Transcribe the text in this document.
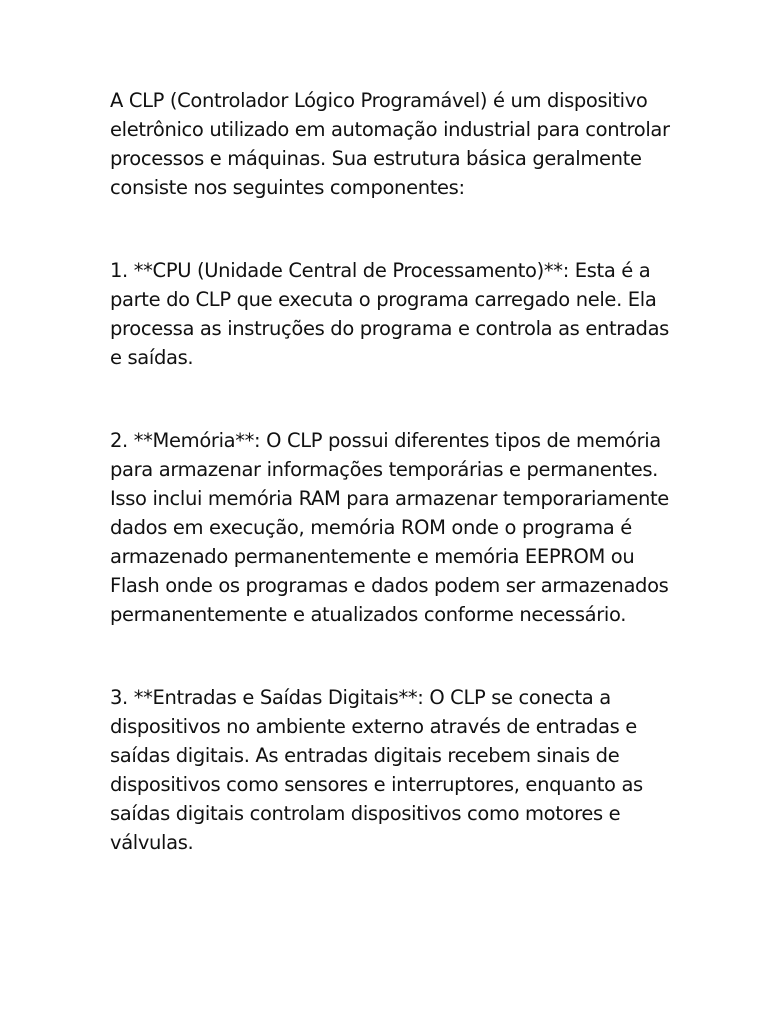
A CLP (Controlador Lógico Programável) é um dispositivo eletrônico utilizado em automação industrial para controlar processos e máquinas. Sua estrutura básica geralmente consiste nos seguintes componentes:

1. **CPU (Unidade Central de Processamento)**: Esta é a parte do CLP que executa o programa carregado nele. Ela processa as instruções do programa e controla as entradas e saídas.

2. **Memória**: O CLP possui diferentes tipos de memória para armazenar informações temporárias e permanentes. Isso inclui memória RAM para armazenar temporariamente dados em execução, memória ROM onde o programa é armazenado permanentemente e memória EEPROM ou Flash onde os programas e dados podem ser armazenados permanentemente e atualizados conforme necessário.

3. **Entradas e Saídas Digitais**: O CLP se conecta a dispositivos no ambiente externo através de entradas e saídas digitais. As entradas digitais recebem sinais de dispositivos como sensores e interruptores, enquanto as saídas digitais controlam dispositivos como motores e válvulas.
